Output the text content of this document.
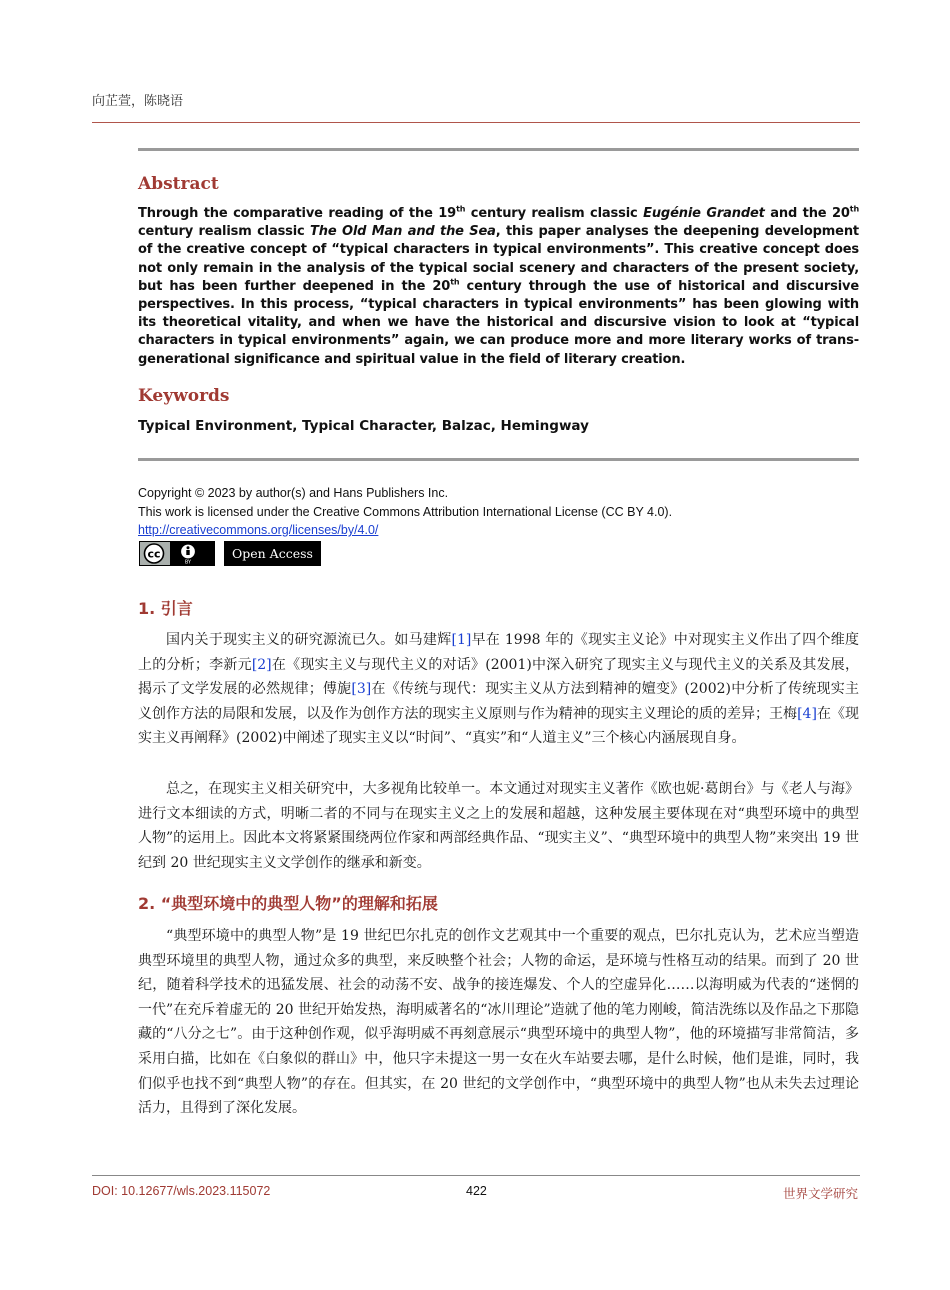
向芷萱，陈晓语
Abstract
Through the comparative reading of the 19th century realism classic Eugénie Grandet and the 20th century realism classic The Old Man and the Sea, this paper analyses the deepening development of the creative concept of “typical characters in typical environments”. This creative concept does not only remain in the analysis of the typical social scenery and characters of the present society, but has been further deepened in the 20th century through the use of historical and discursive perspectives. In this process, “typical characters in typical environments” has been glowing with its theoretical vitality, and when we have the historical and discursive vision to look at “typical characters in typical environments” again, we can produce more and more literary works of trans-generational significance and spiritual value in the field of literary creation.
Keywords
Typical Environment, Typical Character, Balzac, Hemingway
Copyright © 2023 by author(s) and Hans Publishers Inc.
This work is licensed under the Creative Commons Attribution International License (CC BY 4.0).
http://creativecommons.org/licenses/by/4.0/
cc
BY
Open Access
1. 引言
国内关于现实主义的研究源流已久。如马建辉[1]早在 1998 年的《现实主义论》中对现实主义作出了四个维度上的分析；李新元[2]在《现实主义与现代主义的对话》(2001)中深入研究了现实主义与现代主义的关系及其发展，揭示了文学发展的必然规律；傅旎[3]在《传统与现代：现实主义从方法到精神的嬗变》(2002)中分析了传统现实主义创作方法的局限和发展，以及作为创作方法的现实主义原则与作为精神的现实主义理论的质的差异；王梅[4]在《现实主义再阐释》(2002)中阐述了现实主义以“时间”、“真实”和“人道主义”三个核心内涵展现自身。
总之，在现实主义相关研究中，大多视角比较单一。本文通过对现实主义著作《欧也妮·葛朗台》与《老人与海》进行文本细读的方式，明晰二者的不同与在现实主义之上的发展和超越，这种发展主要体现在对“典型环境中的典型人物”的运用上。因此本文将紧紧围绕两位作家和两部经典作品、“现实主义”、“典型环境中的典型人物”来突出 19 世纪到 20 世纪现实主义文学创作的继承和新变。
2. “典型环境中的典型人物”的理解和拓展
“典型环境中的典型人物”是 19 世纪巴尔扎克的创作文艺观其中一个重要的观点，巴尔扎克认为，艺术应当塑造典型环境里的典型人物，通过众多的典型，来反映整个社会；人物的命运，是环境与性格互动的结果。而到了 20 世纪，随着科学技术的迅猛发展、社会的动荡不安、战争的接连爆发、个人的空虚异化……以海明威为代表的“迷惘的一代”在充斥着虚无的 20 世纪开始发热，海明威著名的“冰川理论”造就了他的笔力刚峻，简洁洗练以及作品之下那隐藏的“八分之七”。由于这种创作观，似乎海明威不再刻意展示“典型环境中的典型人物”，他的环境描写非常简洁，多采用白描，比如在《白象似的群山》中，他只字未提这一男一女在火车站要去哪，是什么时候，他们是谁，同时，我们似乎也找不到“典型人物”的存在。但其实，在 20 世纪的文学创作中，“典型环境中的典型人物”也从未失去过理论活力，且得到了深化发展。
DOI: 10.12677/wls.2023.115072	422	世界文学研究
